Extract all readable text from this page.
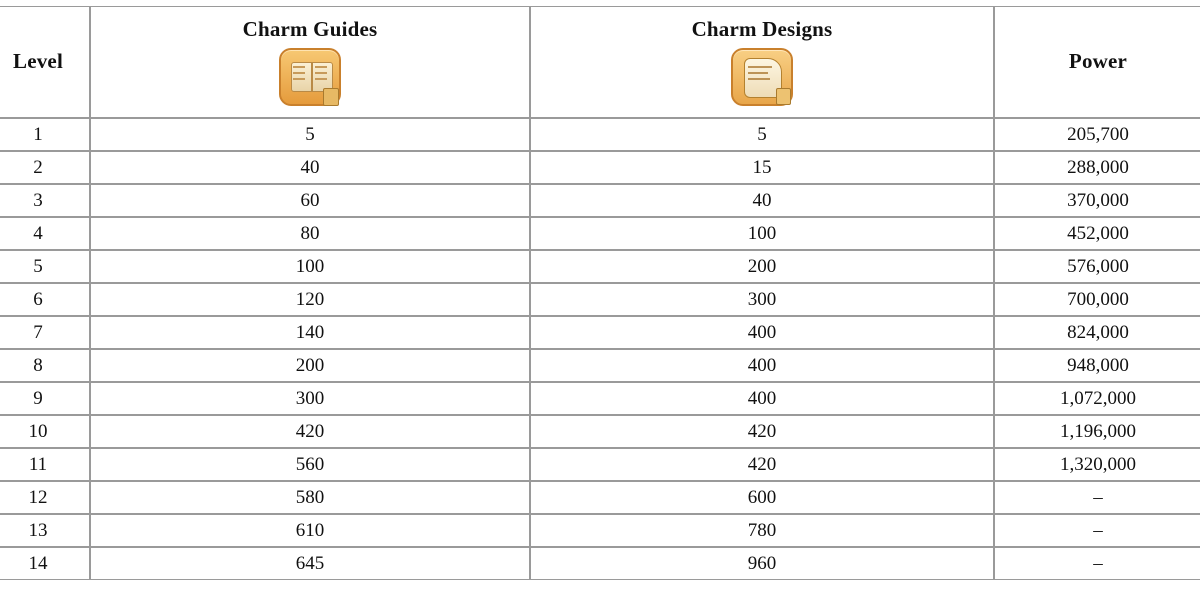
Level	Charm Guides	Charm Designs	Power

1	5	5	205,700
2	40	15	288,000
3	60	40	370,000
4	80	100	452,000
5	100	200	576,000
6	120	300	700,000
7	140	400	824,000
8	200	400	948,000
9	300	400	1,072,000
10	420	420	1,196,000
11	560	420	1,320,000
12	580	600	–
13	610	780	–
14	645	960	–
